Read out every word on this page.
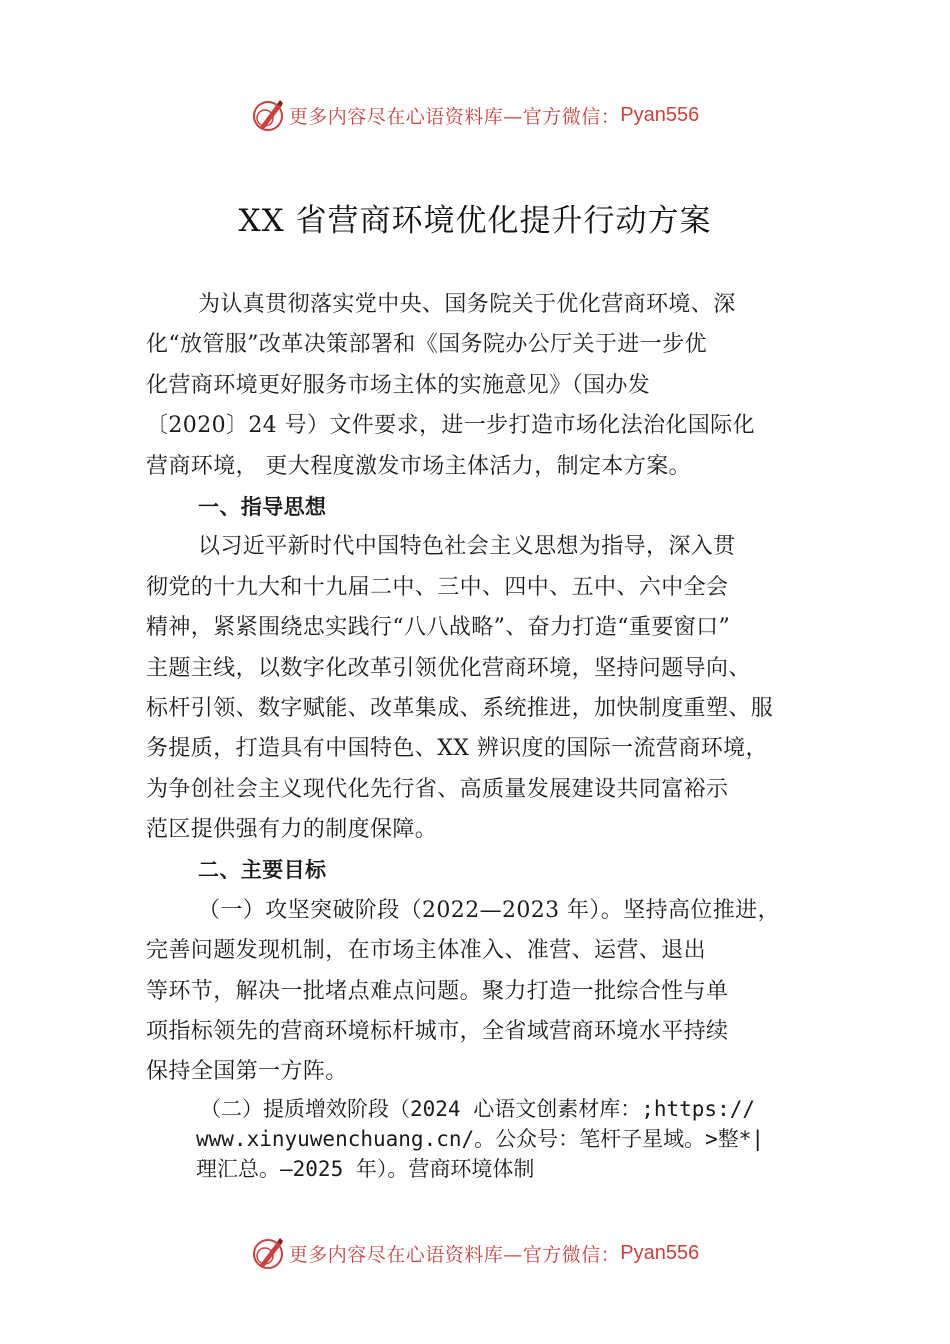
更多内容尽在心语资料库—官方微信： Pyan556
XX 省营商环境优化提升行动方案
为认真贯彻落实党中央、国务院关于优化营商环境、深
化“放管服”改革决策部署和《国务院办公厅关于进一步优
化营商环境更好服务市场主体的实施意见》（国办发
〔2020〕24 号）文件要求，进一步打造市场化法治化国际化
营商环境， 更大程度激发市场主体活力，制定本方案。
一、指导思想
以习近平新时代中国特色社会主义思想为指导，深入贯
彻党的十九大和十九届二中、三中、四中、五中、六中全会
精神，紧紧围绕忠实践行“八八战略”、奋力打造“重要窗口”
主题主线，以数字化改革引领优化营商环境，坚持问题导向、
标杆引领、数字赋能、改革集成、系统推进，加快制度重塑、服
务提质，打造具有中国特色、XX 辨识度的国际一流营商环境，
为争创社会主义现代化先行省、高质量发展建设共同富裕示
范区提供强有力的制度保障。
二、主要目标
（一）攻坚突破阶段（2022—2023 年）。坚持高位推进，
完善问题发现机制，在市场主体准入、准营、运营、退出
等环节，解决一批堵点难点问题。聚力打造一批综合性与单
项指标领先的营商环境标杆城市，全省域营商环境水平持续
保持全国第一方阵。
（二）提质增效阶段（2024 心语文创素材库：;https://
www.xinyuwenchuang.cn/。公众号：笔杆子星域。>整*|
理汇总。—2025 年）。营商环境体制
更多内容尽在心语资料库—官方微信： Pyan556
